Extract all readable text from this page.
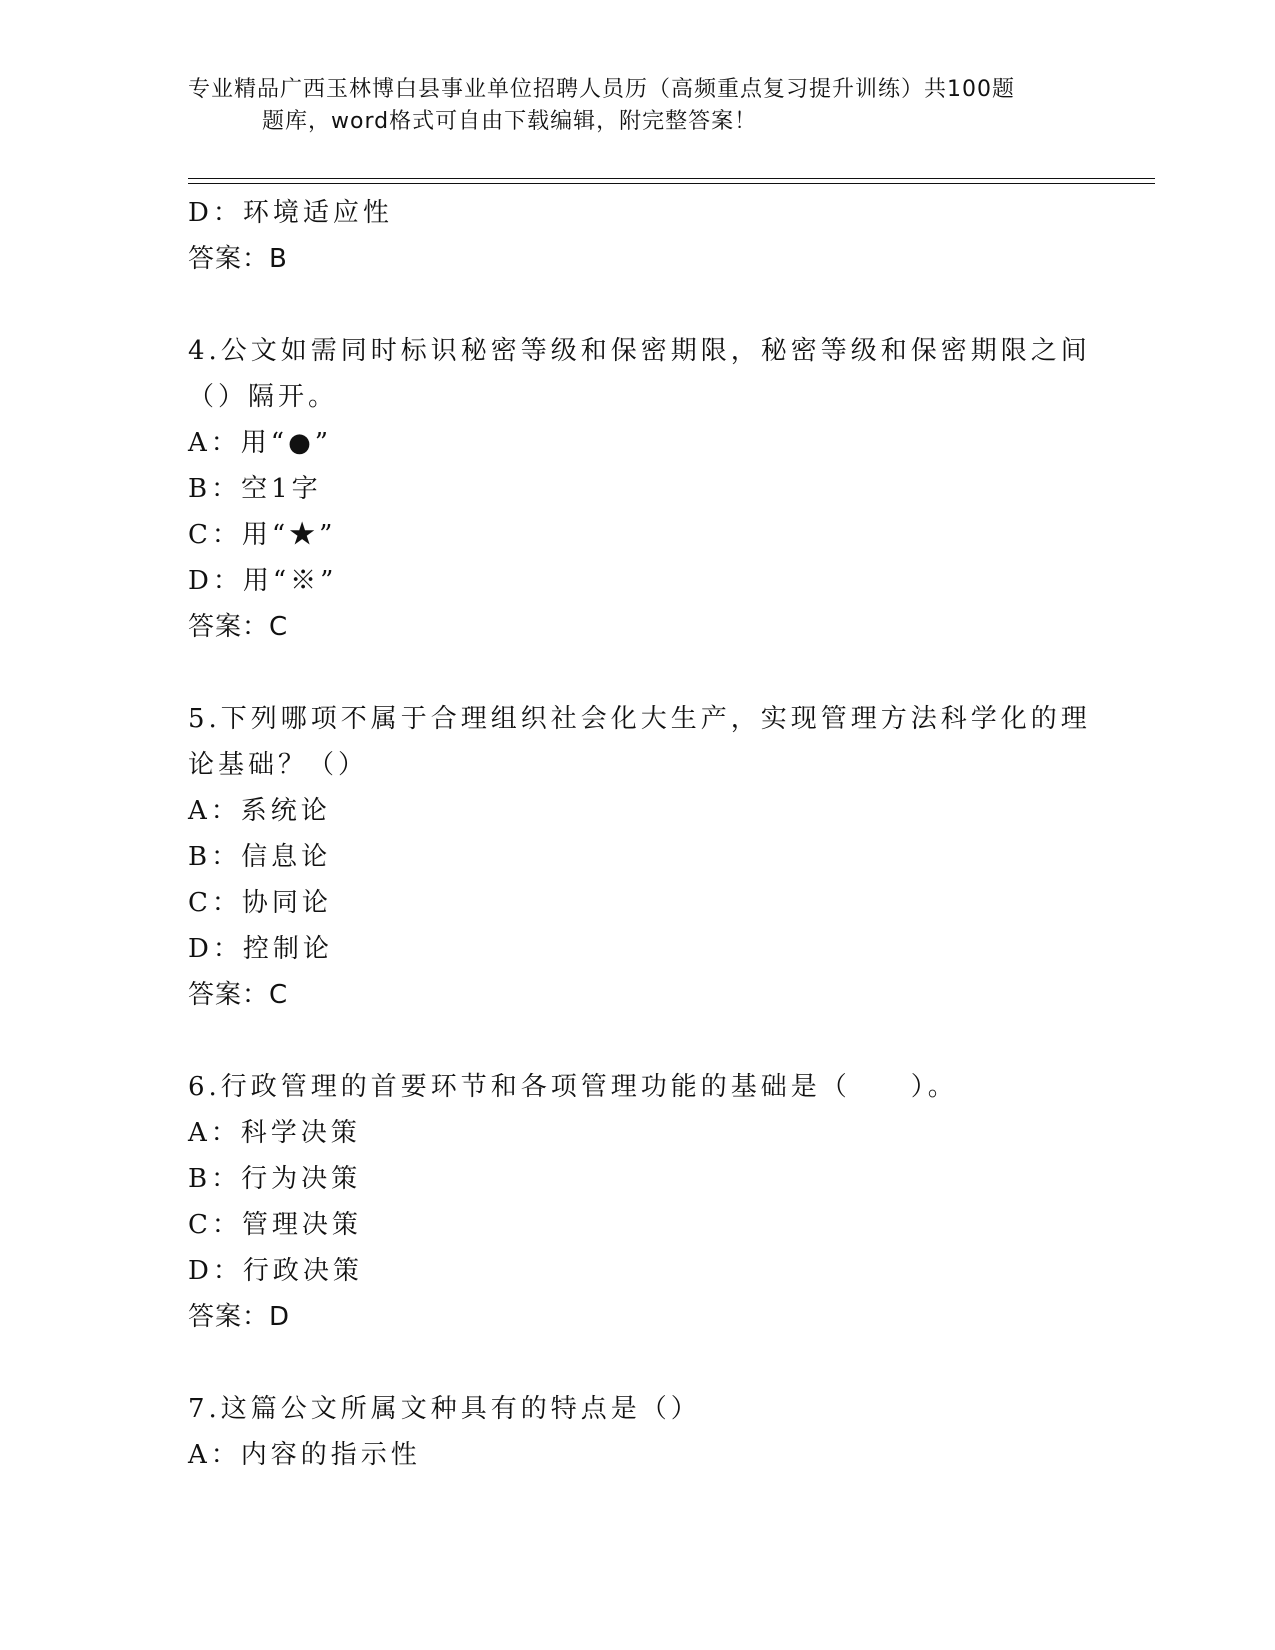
专业精品广西玉林博白县事业单位招聘人员历（高频重点复习提升训练）共100题
题库，word格式可自由下载编辑，附完整答案！
D：环境适应性
答案：B
4.公文如需同时标识秘密等级和保密期限，秘密等级和保密期限之间
（）隔开。
A：用“●”
B：空1字
C：用“★”
D：用“※”
答案：C
5.下列哪项不属于合理组织社会化大生产，实现管理方法科学化的理
论基础？（）
A：系统论
B：信息论
C：协同论
D：控制论
答案：C
6.行政管理的首要环节和各项管理功能的基础是（　　）。
A：科学决策
B：行为决策
C：管理决策
D：行政决策
答案：D
7.这篇公文所属文种具有的特点是（）
A：内容的指示性
